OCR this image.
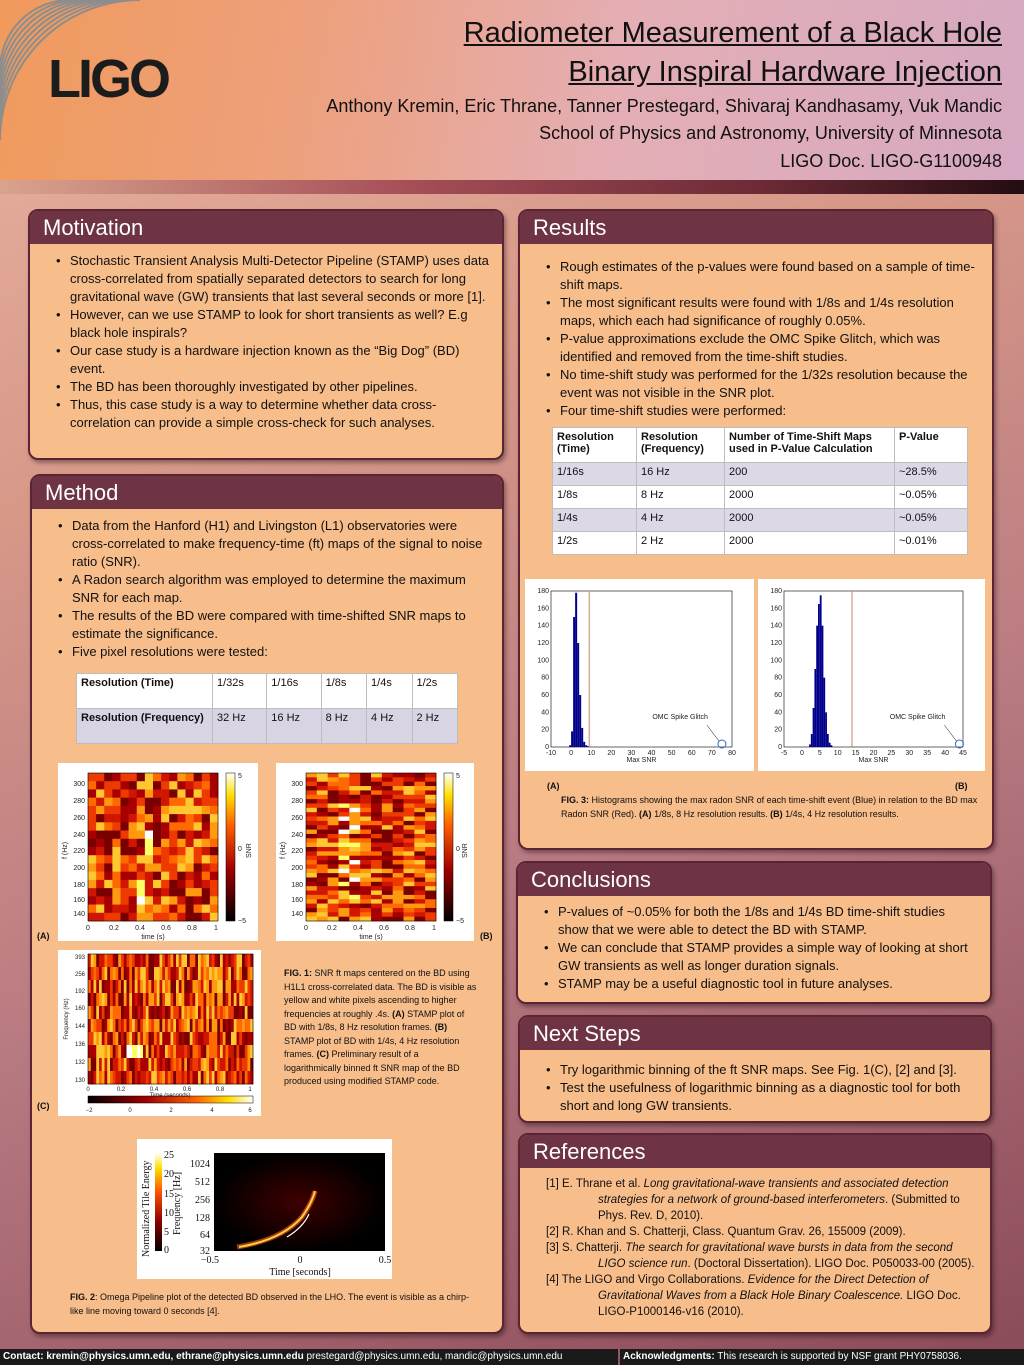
LIGO
Radiometer Measurement of a Black Hole
Binary Inspiral Hardware Injection
Anthony Kremin, Eric Thrane, Tanner Prestegard, Shivaraj Kandhasamy, Vuk Mandic
School of Physics and Astronomy, University of Minnesota
LIGO Doc. LIGO-G1100948
Motivation
• Stochastic Transient Analysis Multi-Detector Pipeline (STAMP) uses data cross-correlated from spatially separated detectors to search for long gravitational wave (GW) transients that last several seconds or more [1].
• However, can we use STAMP to look for short transients as well? E.g black hole inspirals?
• Our case study is a hardware injection known as the “Big Dog” (BD) event.
• The BD has been thoroughly investigated by other pipelines.
• Thus, this case study is a way to determine whether data cross-correlation can provide a simple cross-check for such analyses.
Method
• Data from the Hanford (H1) and Livingston (L1) observatories were cross-correlated to make frequency-time (ft) maps of the signal to noise ratio (SNR).
• A Radon search algorithm was employed to determine the maximum SNR for each map.
• The results of the BD were compared with time-shifted SNR maps to estimate the significance.
• Five pixel resolutions were tested:
Resolution (Time)	1/32s	1/16s	1/8s	1/4s	1/2s
Resolution (Frequency)	32 Hz	16 Hz	8 Hz	4 Hz	2 Hz
300
280
260
240
220
200
180
160
140
0	0.2 0.4 0.6 0.8 1
time (s)
5
0
−5
f (Hz)	SNR
300
280
260
240
220
200
180
160
140
0	0.2 0.4 0.6 0.8 1
time (s)
5
0
−5
f (Hz)	SNR
(A)	(B)
393
256
192
160
144
136
132
130
0	0.2	0.4	0.6	0.8	1
Time (seconds)
−2	0	2	4	6
Frequency (Hz)
(C)
FIG. 1: SNR ft maps centered on the BD using H1L1 cross-correlated data. The BD is visible as yellow and white pixels ascending to higher frequencies at roughly .4s. (A) STAMP plot of BD with 1/8s, 8 Hz resolution frames. (B) STAMP plot of BD with 1/4s, 4 Hz resolution frames. (C) Preliminary result of a logarithmically binned ft SNR map of the BD produced using modified STAMP code.
25
20
15
10
5
0
1024
512
256
128
64
32
−0.5	0	0.5
Time [seconds]
Normalized Tile Energy Frequency [Hz]
FIG. 2: Omega Pipeline plot of the detected BD observed in the LHO. The event is visible as a chirp-like line moving toward 0 seconds [4].
Results
• Rough estimates of the p-values were found based on a sample of time-shift maps.
• The most significant results were found with 1/8s and 1/4s resolution maps, which each had significance of roughly 0.05%.
• P-value approximations exclude the OMC Spike Glitch, which was identified and removed from the time-shift studies.
• No time-shift study was performed for the 1/32s resolution because the event was not visible in the SNR plot.
• Four time-shift studies were performed:
Resolution (Time)	Resolution (Frequency)	Number of Time-Shift Maps used in P-Value Calculation	P-Value
1/16s	16 Hz	200	~28.5%
1/8s	8 Hz	2000	~0.05%
1/4s	4 Hz	2000	~0.05%
1/2s	2 Hz	2000	~0.01%
OMC Spike Glitch
-10 0 10 20 30 40 50 60 70 80
0
20
40
60
80
100
120
140
160
180
Max SNR
OMC Spike Glitch
-5 0 5 10 15 20 25 30 35 40 45
0
20
40
60
80
100
120
140
160
180
Max SNR
(A)	(B)
FIG. 3: Histograms showing the max radon SNR of each time-shift event (Blue) in relation to the BD max Radon SNR (Red). (A) 1/8s, 8 Hz resolution results. (B) 1/4s, 4 Hz resolution results.
Conclusions
• P-values of ~0.05% for both the 1/8s and 1/4s BD time-shift studies show that we were able to detect the BD with STAMP.
• We can conclude that STAMP provides a simple way of looking at short GW transients as well as longer duration signals.
• STAMP may be a useful diagnostic tool in future analyses.
Next Steps
• Try logarithmic binning of the ft SNR maps. See Fig. 1(C), [2] and [3].
• Test the usefulness of logarithmic binning as a diagnostic tool for both short and long GW transients.
References
[1] E. Thrane et al. Long gravitational-wave transients and associated detection strategies for a network of ground-based interferometers. (Submitted to Phys. Rev. D, 2010).
[2] R. Khan and S. Chatterji, Class. Quantum Grav. 26, 155009 (2009).
[3] S. Chatterji. The search for gravitational wave bursts in data from the second LIGO science run. (Doctoral Dissertation). LIGO Doc. P050033-00 (2005).
[4] The LIGO and Virgo Collaborations. Evidence for the Direct Detection of Gravitational Waves from a Black Hole Binary Coalescence. LIGO Doc. LIGO-P1000146-v16 (2010).
Contact: kremin@physics.umn.edu, ethrane@physics.umn.edu prestegard@physics.umn.edu, mandic@physics.umn.edu	Acknowledgments: This research is supported by NSF grant PHY0758036.
